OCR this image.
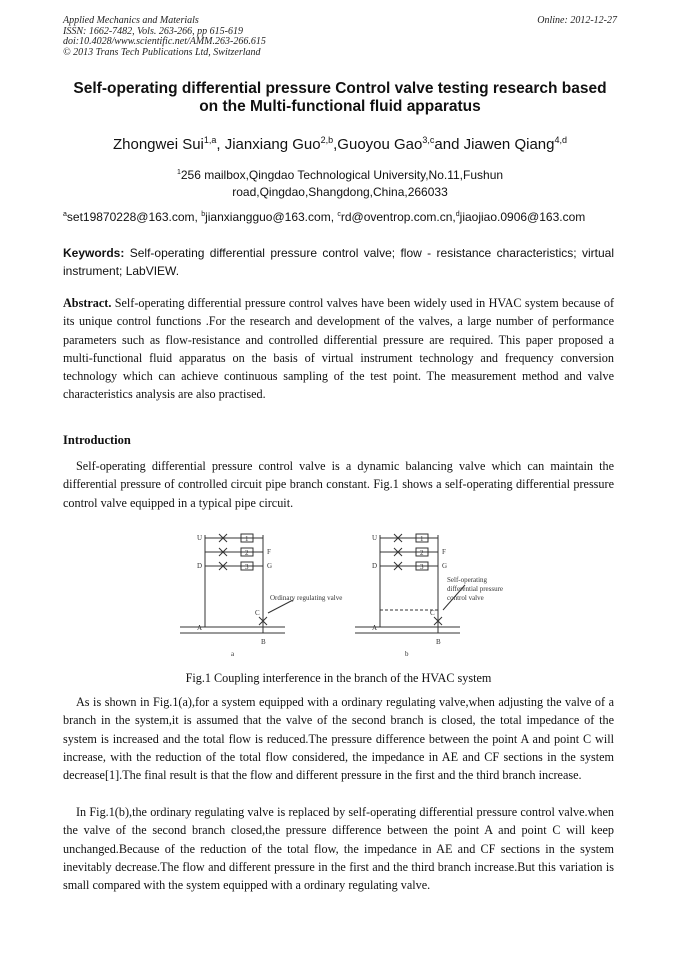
Applied Mechanics and Materials
ISSN: 1662-7482, Vols. 263-266, pp 615-619
doi:10.4028/www.scientific.net/AMM.263-266.615
© 2013 Trans Tech Publications Ltd, Switzerland
Online: 2012-12-27
Self-operating differential pressure Control valve testing research based
on the Multi-functional fluid apparatus
Zhongwei Sui$^{1,a}$, Jianxiang Guo$^{2,b}$,Guoyou Gao$^{3,c}$and Jiawen Qiang$^{4,d}$
$^1$256 mailbox,Qingdao Technological University,No.11,Fushun
road,Qingdao,Shangdong,China,266033
$^a$set19870228@163.com, $^b$jianxiangguo@163.com, $^c$rd@oventrop.com.cn,$^d$jiaojiao.0906@163.com
Keywords: Self-operating differential pressure control valve; flow - resistance characteristics; virtual instrument; LabVIEW.
Abstract. Self-operating differential pressure control valves have been widely used in HVAC system because of its unique control functions .For the research and development of the valves, a large number of performance parameters such as flow-resistance and controlled differential pressure are required. This paper proposed a multi-functional fluid apparatus on the basis of virtual instrument technology and frequency conversion technology which can achieve continuous sampling of the test point. The measurement method and valve characteristics analysis are also practised.
Introduction

Self-operating differential pressure control valve is a dynamic balancing valve which can maintain the differential pressure of controlled circuit pipe branch constant. Fig.1 shows a self-operating differential pressure control valve equipped in a typical pipe circuit.

U
D
A
F
G
C
B
1
2
3
Ordinary regulating valve
a
U
D
A
F
G
C
B
1
2
3
Self-operating
differential pressure
control valve
b
Fig.1 Coupling interference in the branch of the HVAC system

As is shown in Fig.1(a),for a system equipped with a ordinary regulating valve,when adjusting the valve of a branch in the system,it is assumed that the valve of the second branch is closed, the total impedance of the system is increased and the total flow is reduced.The pressure difference between the point A and point C will increase, with the reduction of the total flow considered, the impedance in AE and CF sections in the system decrease[1].The final result is that the flow and different pressure in the first and the third branch increase.

In Fig.1(b),the ordinary regulating valve is replaced by self-operating differential pressure control valve.when the valve of the second branch closed,the pressure difference between the point A and point C will keep unchanged.Because of the reduction of the total flow, the impedance in AE and CF sections in the system inevitably decrease.The flow and different pressure in the first and the third branch increase.But this variation is small compared with the system equipped with a ordinary regulating valve.
